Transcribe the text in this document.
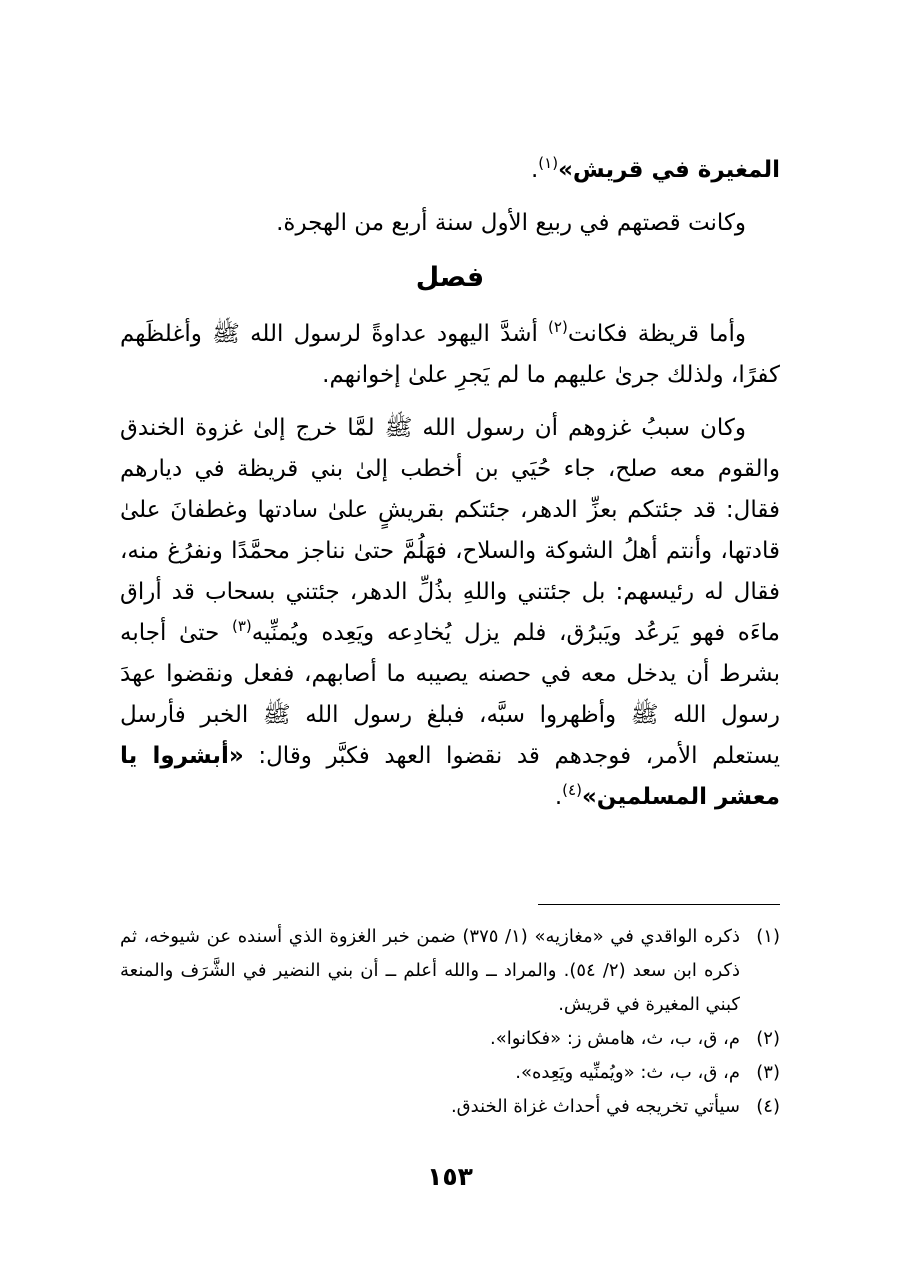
المغيرة في قريش»$^{(١)}$.

وكانت قصتهم في ربيع الأول سنة أربع من الهجرة.

فصل

وأما قريظة فكانت$^{(٢)}$ أشدَّ اليهود عداوةً لرسول الله ﷺ وأغلظَهم كفرًا، ولذلك جرىٰ عليهم ما لم يَجرِ علىٰ إخوانهم.

وكان سببُ غزوهم أن رسول الله ﷺ لمَّا خرج إلىٰ غزوة الخندق والقوم معه صلح، جاء حُيَي بن أخطب إلىٰ بني قريظة في ديارهم فقال: قد جئتكم بعزِّ الدهر، جئتكم بقريشٍ علىٰ سادتها وغطفانَ علىٰ قادتها، وأنتم أهلُ الشوكة والسلاح، فهَلُمَّ حتىٰ نناجز محمَّدًا ونفرُغ منه، فقال له رئيسهم: بل جئتني واللهِ بذُلِّ الدهر، جئتني بسحاب قد أراق ماءَه فهو يَرعُد ويَبرُق، فلم يزل يُخادِعه ويَعِده ويُمنِّيه$^{(٣)}$ حتىٰ أجابه بشرط أن يدخل معه في حصنه يصيبه ما أصابهم، ففعل ونقضوا عهدَ رسول الله ﷺ وأظهروا سبَّه، فبلغ رسول الله ﷺ الخبر فأرسل يستعلم الأمر، فوجدهم قد نقضوا العهد فكبَّر وقال: «أبشروا يا معشر المسلمين»$^{(٤)}$.

(١)
ذكره الواقدي في «مغازيه» (١/ ٣٧٥) ضمن خبر الغزوة الذي أسنده عن شيوخه، ثم ذكره ابن سعد (٢/ ٥٤). والمراد ــ والله أعلم ــ أن بني النضير في الشَّرَف والمنعة كبني المغيرة في قريش.
(٢)
م، ق، ب، ث، هامش ز: «فكانوا».
(٣)
م، ق، ب، ث: «ويُمنِّيه ويَعِده».
(٤)
سيأتي تخريجه في أحداث غزاة الخندق.
١٥٣
